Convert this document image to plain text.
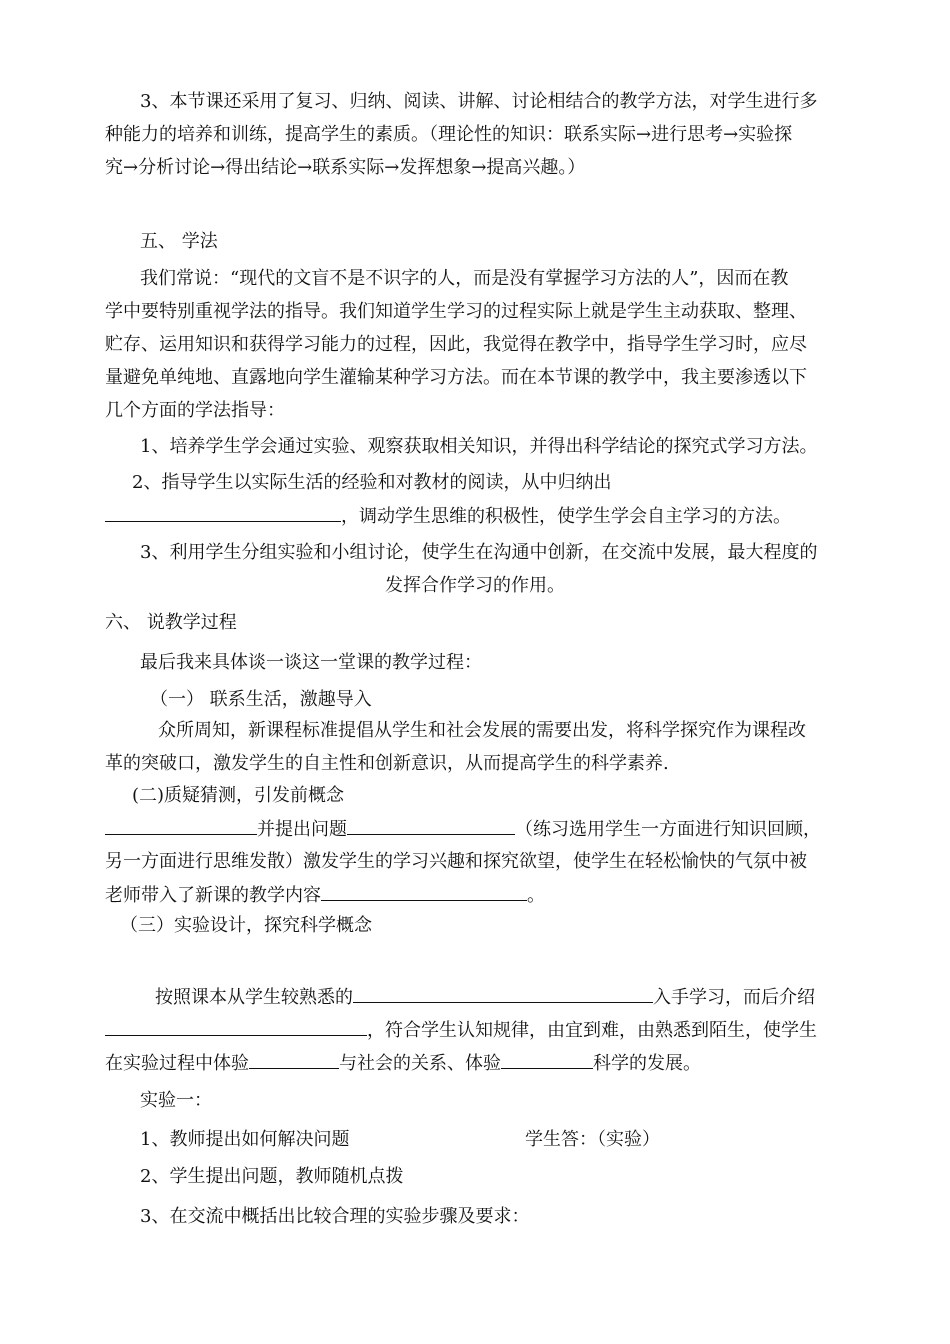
3、本节课还采用了复习、归纳、阅读、讲解、讨论相结合的教学方法，对学生进行多
种能力的培养和训练，提高学生的素质。（理论性的知识：联系实际→进行思考→实验探
究→分析讨论→得出结论→联系实际→发挥想象→提高兴趣。）
五、 学法
我们常说：“现代的文盲不是不识字的人，而是没有掌握学习方法的人”，因而在教
学中要特别重视学法的指导。我们知道学生学习的过程实际上就是学生主动获取、整理、
贮存、运用知识和获得学习能力的过程，因此，我觉得在教学中，指导学生学习时，应尽
量避免单纯地、直露地向学生灌输某种学习方法。而在本节课的教学中，我主要渗透以下
几个方面的学法指导：
1、培养学生学会通过实验、观察获取相关知识，并得出科学结论的探究式学习方法。
2、指导学生以实际生活的经验和对教材的阅读，从中归纳出
，调动学生思维的积极性，使学生学会自主学习的方法。
3、利用学生分组实验和小组讨论，使学生在沟通中创新，在交流中发展，最大程度的
发挥合作学习的作用。
六、 说教学过程
最后我来具体谈一谈这一堂课的教学过程：
（一） 联系生活，激趣导入
众所周知，新课程标准提倡从学生和社会发展的需要出发，将科学探究作为课程改
革的突破口，激发学生的自主性和创新意识，从而提高学生的科学素养.
(二)质疑猜测，引发前概念
并提出问题	（练习选用学生一方面进行知识回顾，
另一方面进行思维发散）激发学生的学习兴趣和探究欲望，使学生在轻松愉快的气氛中被
老师带入了新课的教学内容	。
（三）实验设计，探究科学概念
按照课本从学生较熟悉的	入手学习，而后介绍
，符合学生认知规律，由宜到难，由熟悉到陌生，使学生
在实验过程中体验	与社会的关系、体验	科学的发展。
实验一：
1、教师提出如何解决问题	学生答：（实验）
2、学生提出问题，教师随机点拨
3、在交流中概括出比较合理的实验步骤及要求：
